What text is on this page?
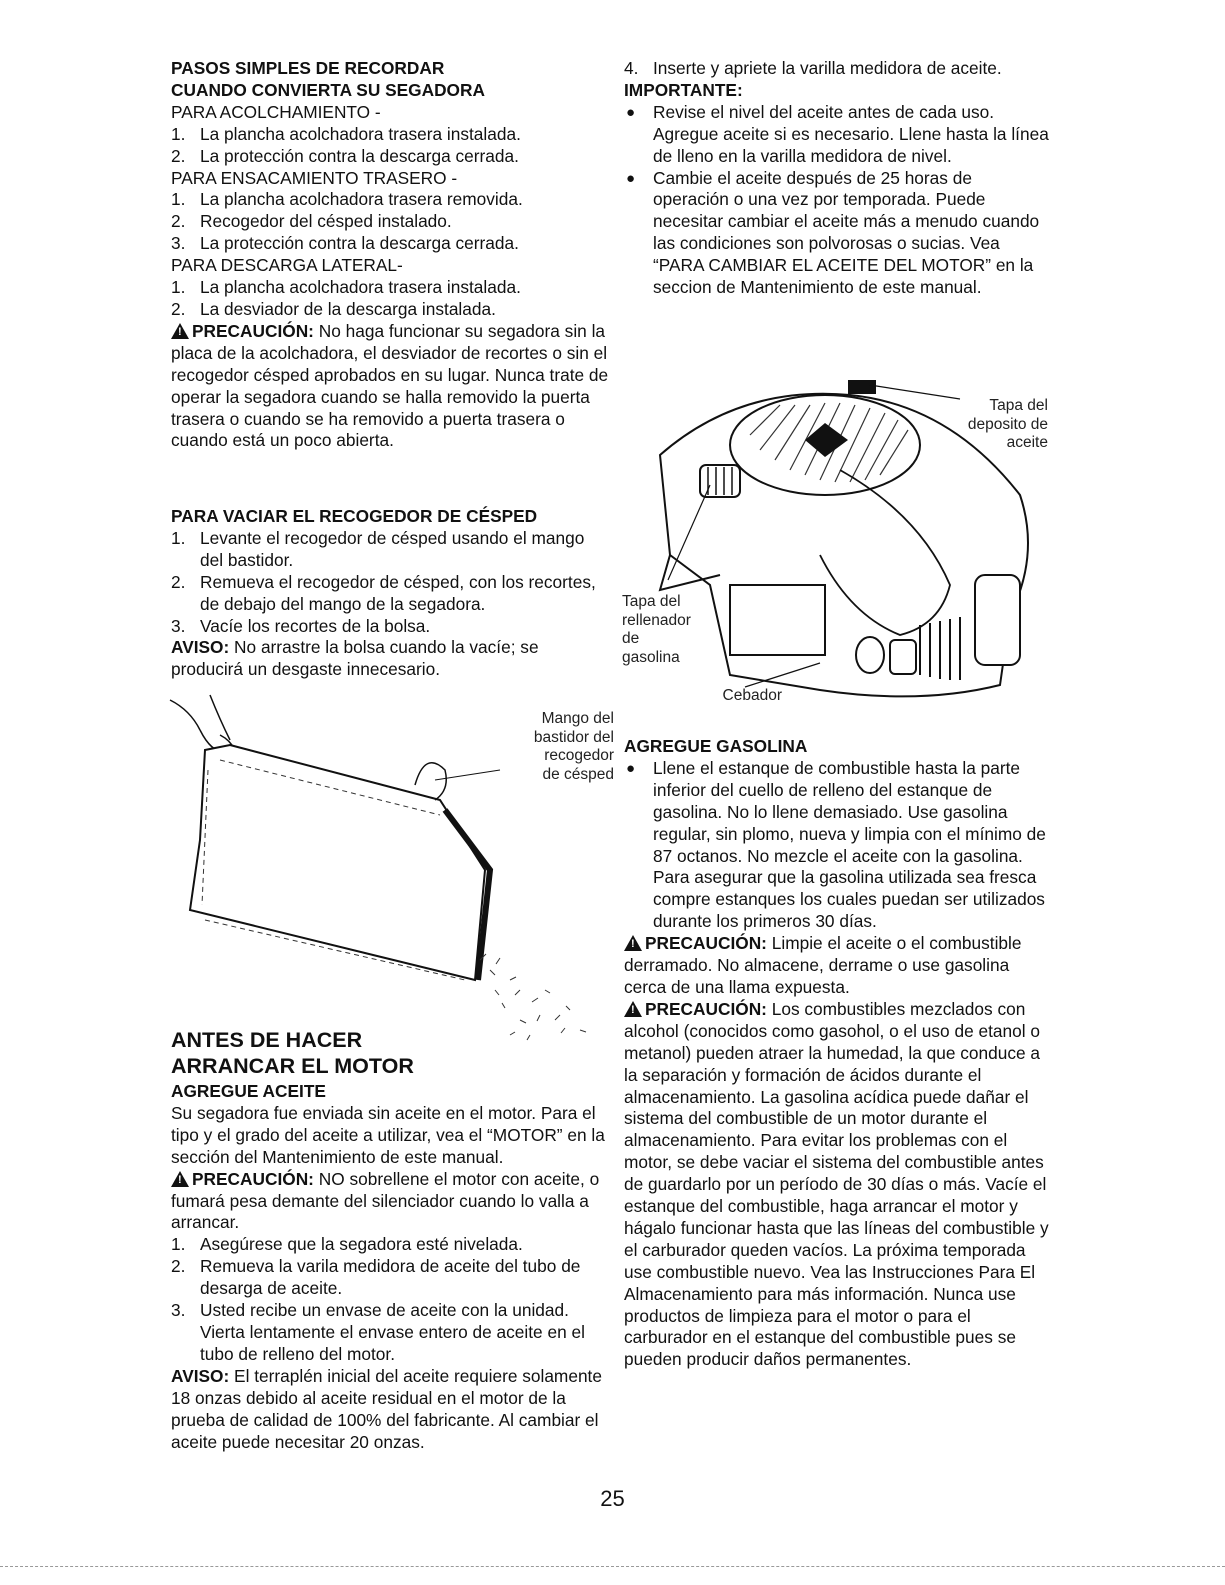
PASOS SIMPLES DE RECORDAR
CUANDO CONVIERTA SU SEGADORA
PARA ACOLCHAMIENTO -
1. La plancha acolchadora trasera instalada.
2. La protección contra la descarga cerrada.
PARA ENSACAMIENTO TRASERO -
1. La plancha acolchadora trasera removida.
2. Recogedor del césped instalado.
3. La protección contra la descarga cerrada.
PARA DESCARGA LATERAL-
1. La plancha acolchadora trasera instalada.
2. La desviador de la descarga instalada.

!PRECAUCIÓN: No haga funcionar su segadora sin la placa de la acolchadora, el desviador de recortes o sin el recogedor césped aprobados en su lugar. Nunca trate de operar la segadora cuando se halla removido la puerta trasera o cuando se ha removido a puerta trasera o cuando está un poco abierta.

PARA VACIAR EL RECOGEDOR DE CÉSPED
1. Levante el recogedor de césped usando el mango del bastidor.
2. Remueva el recogedor de césped, con los recortes, de debajo del mango de la segadora.
3. Vacíe los recortes de la bolsa.

AVISO: No arrastre la bolsa cuando la vacíe; se producirá un desgaste innecesario.

ANTES DE HACER
ARRANCAR EL MOTOR
AGREGUE ACEITE

Su segadora fue enviada sin aceite en el motor. Para el tipo y el grado del aceite a utilizar, vea el “MOTOR” en la sección del Mantenimiento de este manual.

!PRECAUCIÓN: NO sobrellene el motor con aceite, o fumará pesa demante del silenciador cuando lo valla a arrancar.

1. Asegúrese que la segadora esté nivelada.
2. Remueva la varila medidora de aceite del tubo de desarga de aceite.
3. Usted recibe un envase de aceite con la unidad. Vierta lentamente el envase entero de aceite en el tubo de relleno del motor.

AVISO: El terraplén inicial del aceite requiere solamente 18 onzas debido al aceite residual en el motor de la prueba de calidad de 100% del fabricante. Al cambiar el aceite puede necesitar 20 onzas.

Mango del
bastidor del
recogedor
de césped
4. Inserte y apriete la varilla medidora de aceite.
IMPORTANTE:
● Revise el nivel del aceite antes de cada uso. Agregue aceite si es necesario. Llene hasta la línea de lleno en la varilla medidora de nivel.
● Cambie el aceite después de 25 horas de operación o una vez por temporada. Puede necesitar cambiar el aceite más a menudo cuando las condiciones son polvorosas o sucias. Vea “PARA CAMBIAR EL ACEITE DEL MOTOR” en la seccion de Mantenimiento de este manual.
AGREGUE GASOLINA
● Llene el estanque de combustible hasta la parte inferior del cuello de relleno del estanque de gasolina. No lo llene demasiado. Use gasolina regular, sin plomo, nueva y limpia con el mínimo de 87 octanos. No mezcle el aceite con la gasolina. Para asegurar que la gasolina utilizada sea fresca compre estanques los cuales puedan ser utilizados durante los primeros 30 días.

!PRECAUCIÓN: Limpie el aceite o el combustible derramado. No almacene, derrame o use gasolina cerca de una llama expuesta.

!PRECAUCIÓN: Los combustibles mezclados con alcohol (conocidos como gasohol, o el uso de etanol o metanol) pueden atraer la humedad, la que conduce a la separación y formación de ácidos durante el almacenamiento. La gasolina acídica puede dañar el sistema del combustible de un motor durante el almacenamiento. Para evitar los problemas con el motor, se debe vaciar el sistema del combustible antes de guardarlo por un período de 30 días o más. Vacíe el estanque del combustible, haga arrancar el motor y hágalo funcionar hasta que las líneas del combustible y el carburador queden vacíos. La próxima temporada use combustible nuevo. Vea las Instrucciones Para El Almacenamiento para más información. Nunca use productos de limpieza para el motor o para el carburador en el estanque del combustible pues se pueden producir daños permanentes.

Tapa del
deposito de
aceite
Tapa del
rellenador
de
gasolina
Cebador
25
